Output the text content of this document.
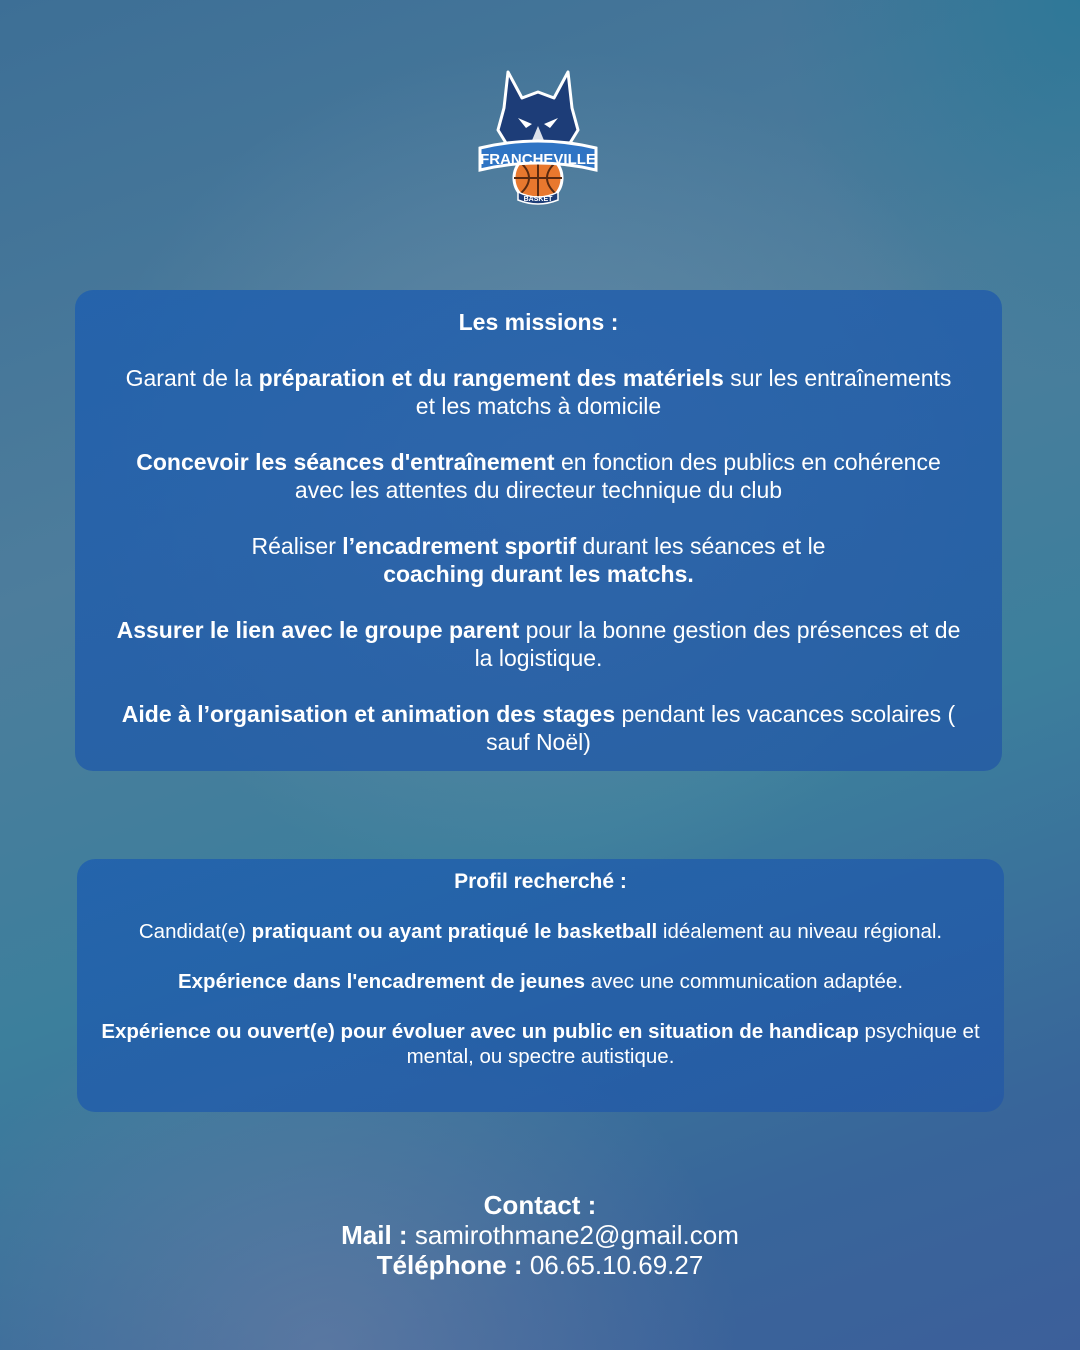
FRANCHEVILLE
BASKET
Les missions :

Garant de la préparation et du rangement des matériels sur les entraînements et les matchs à domicile

Concevoir les séances d'entraînement en fonction des publics en cohérence avec les attentes du directeur technique du club

Réaliser l’encadrement sportif durant les séances et le
coaching durant les matchs.

Assurer le lien avec le groupe parent pour la bonne gestion des présences et de la logistique.

Aide à l’organisation et animation des stages pendant les vacances scolaires ( sauf Noël)

Profil recherché :

Candidat(e) pratiquant ou ayant pratiqué le basketball idéalement au niveau régional.

Expérience dans l'encadrement de jeunes avec une communication adaptée.

Expérience ou ouvert(e) pour évoluer avec un public en situation de handicap psychique et mental, ou spectre autistique.

Contact :
Mail : samirothmane2@gmail.com
Téléphone : 06.65.10.69.27
